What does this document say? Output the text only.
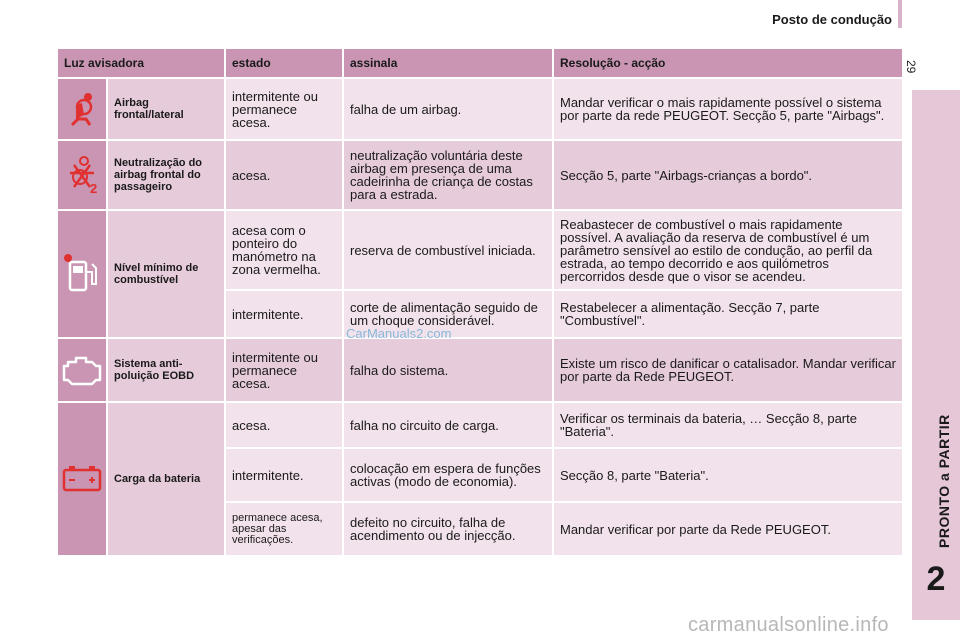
Posto de condução
29
PRONTO a PARTIR
2
Luz avisadora		estado	assinala	Resolução - acção

	Airbag frontal/lateral	intermitente ou permanece acesa.	falha de um airbag.	Mandar verificar o mais rapidamente possível o sistema por parte da rede PEUGEOT. Secção 5, parte "Airbags".

2	Neutralização do airbag frontal do passageiro	acesa.	neutralização voluntária deste airbag em presença de uma cadeirinha de criança de costas para a estrada.	Secção 5, parte "Airbags-crianças a bordo".

	Nível mínimo de combustível	acesa com o ponteiro do manómetro na zona vermelha.	reserva de combustível iniciada.	Reabastecer de combustível o mais rapidamente possível. A avaliação da reserva de combustível é um parâmetro sensível ao estilo de condução, ao perfil da estrada, ao tempo decorrido e aos quilómetros percorridos desde que o visor se acendeu.
		intermitente.	corte de alimentação seguido de um choque considerável.	Restabelecer a alimentação. Secção 7, parte "Combustível".

	Sistema anti-poluição EOBD	intermitente ou permanece acesa.	falha do sistema.	Existe um risco de danificar o catalisador. Mandar verificar por parte da Rede PEUGEOT.

	Carga da bateria	acesa.	falha no circuito de carga.	Verificar os terminais da bateria, … Secção 8, parte "Bateria".
		intermitente.	colocação em espera de funções activas (modo de economia).	Secção 8, parte "Bateria".
		permanece acesa, apesar das verificações.	defeito no circuito, falha de acendimento ou de injecção.	Mandar verificar por parte da Rede PEUGEOT.
CarManuals2.com
carmanualsonline.info
